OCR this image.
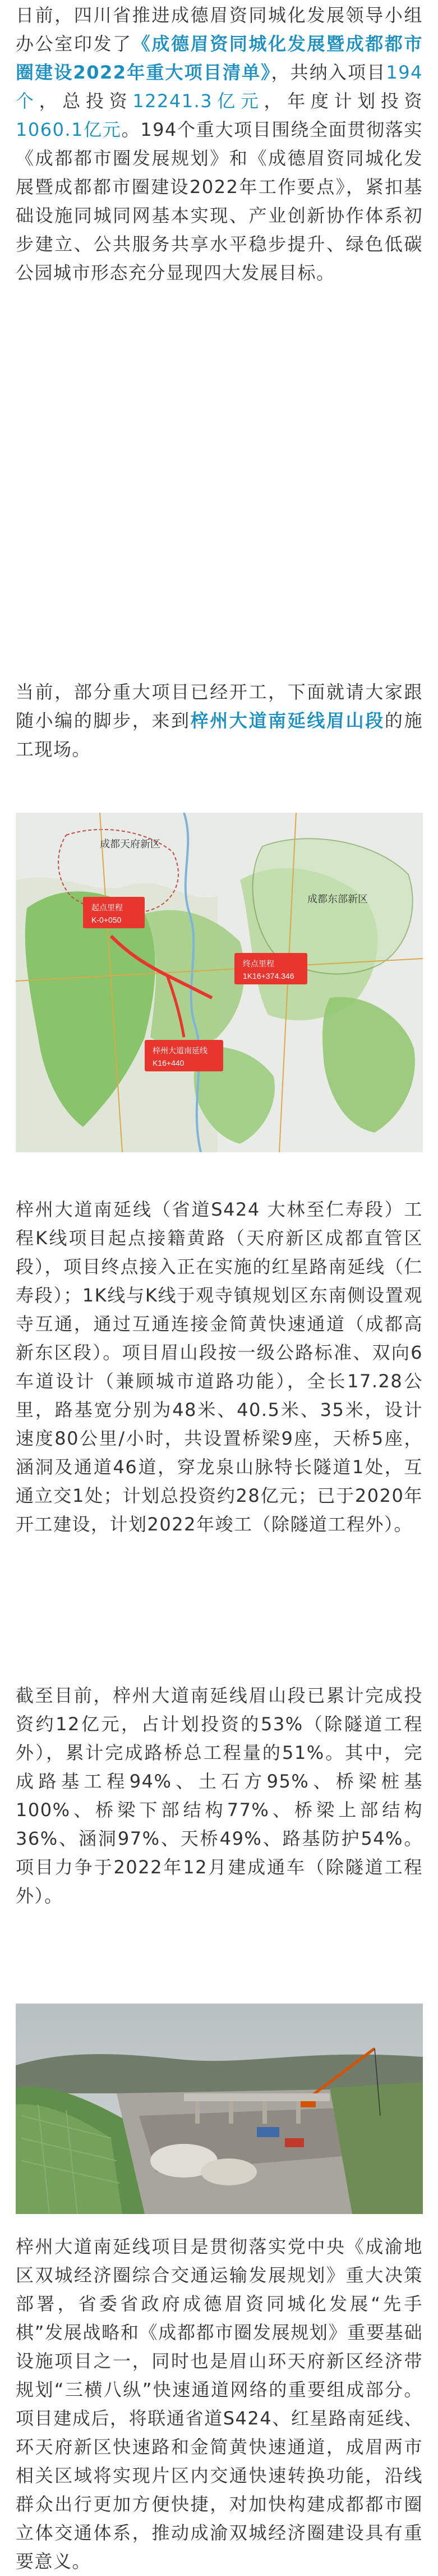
日前，四川省推进成德眉资同城化发展领导小组办公室印发了《成德眉资同城化发展暨成都都市圈建设2022年重大项目清单》，共纳入项目194个，总投资12241.3亿元，年度计划投资1060.1亿元。194个重大项目围绕全面贯彻落实《成都都市圈发展规划》和《成德眉资同城化发展暨成都都市圈建设2022年工作要点》，紧扣基础设施同城同网基本实现、产业创新协作体系初步建立、公共服务共享水平稳步提升、绿色低碳公园城市形态充分显现四大发展目标。

当前，部分重大项目已经开工，下面就请大家跟随小编的脚步，来到梓州大道南延线眉山段的施工现场。

成都天府新区
成都东部新区
起点里程
K-0+050
终点里程
1K16+374.346
梓州大道南延线
K16+440

梓州大道南延线（省道S424 大林至仁寿段）工程K线项目起点接籍黄路（天府新区成都直管区段），项目终点接入正在实施的红星路南延线（仁寿段）；1K线与K线于观寺镇规划区东南侧设置观寺互通，通过互通连接金简黄快速通道（成都高新东区段）。项目眉山段按一级公路标准、双向6车道设计（兼顾城市道路功能），全长17.28公里，路基宽分别为48米、40.5米、35米，设计速度80公里/小时，共设置桥梁9座，天桥5座，涵洞及通道46道，穿龙泉山脉特长隧道1处，互通立交1处；计划总投资约28亿元；已于2020年开工建设，计划2022年竣工（除隧道工程外）。

截至目前，梓州大道南延线眉山段已累计完成投资约12亿元，占计划投资的53%（除隧道工程外），累计完成路桥总工程量的51%。其中，完成路基工程94%、土石方95%、桥梁桩基100%、桥梁下部结构77%、桥梁上部结构36%、涵洞97%、天桥49%、路基防护54%。项目力争于2022年12月建成通车（除隧道工程外）。

梓州大道南延线项目是贯彻落实党中央《成渝地区双城经济圈综合交通运输发展规划》重大决策部署，省委省政府成德眉资同城化发展“先手棋”发展战略和《成都都市圈发展规划》重要基础设施项目之一，同时也是眉山环天府新区经济带规划“三横八纵”快速通道网络的重要组成部分。项目建成后，将联通省道S424、红星路南延线、环天府新区快速路和金简黄快速通道，成眉两市相关区域将实现片区内交通快速转换功能，沿线群众出行更加方便快捷，对加快构建成都都市圈立体交通体系，推动成渝双城经济圈建设具有重要意义。
